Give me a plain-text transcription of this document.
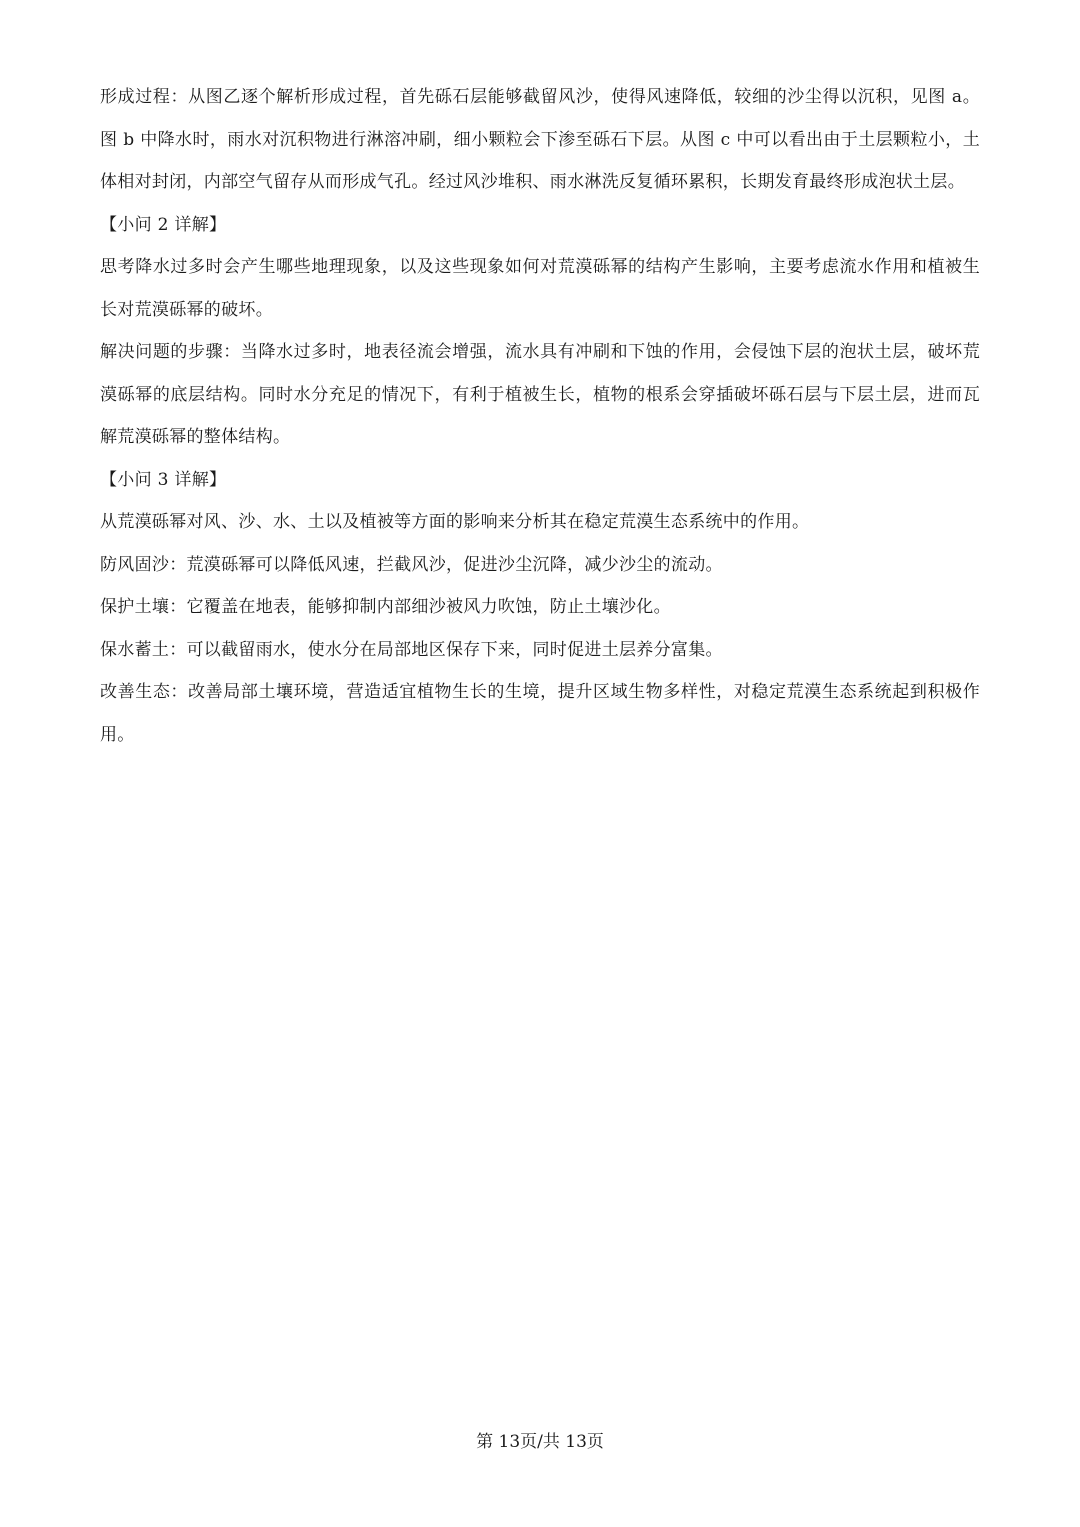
形成过程：从图乙逐个解析形成过程，首先砾石层能够截留风沙，使得风速降低，较细的沙尘得以沉积，见图 a。图 b 中降水时，雨水对沉积物进行淋溶冲刷，细小颗粒会下渗至砾石下层。从图 c 中可以看出由于土层颗粒小，土体相对封闭，内部空气留存从而形成气孔。经过风沙堆积、雨水淋洗反复循环累积，长期发育最终形成泡状土层。

【小问 2 详解】

思考降水过多时会产生哪些地理现象，以及这些现象如何对荒漠砾幂的结构产生影响，主要考虑流水作用和植被生长对荒漠砾幂的破坏。

解决问题的步骤：当降水过多时，地表径流会增强，流水具有冲刷和下蚀的作用，会侵蚀下层的泡状土层，破坏荒漠砾幂的底层结构。同时水分充足的情况下，有利于植被生长，植物的根系会穿插破坏砾石层与下层土层，进而瓦解荒漠砾幂的整体结构。

【小问 3 详解】

从荒漠砾幂对风、沙、水、土以及植被等方面的影响来分析其在稳定荒漠生态系统中的作用。

防风固沙：荒漠砾幂可以降低风速，拦截风沙，促进沙尘沉降，减少沙尘的流动。

保护土壤：它覆盖在地表，能够抑制内部细沙被风力吹蚀，防止土壤沙化。

保水蓄土：可以截留雨水，使水分在局部地区保存下来，同时促进土层养分富集。

改善生态：改善局部土壤环境，营造适宜植物生长的生境，提升区域生物多样性，对稳定荒漠生态系统起到积极作用。

第 13页/共 13页
